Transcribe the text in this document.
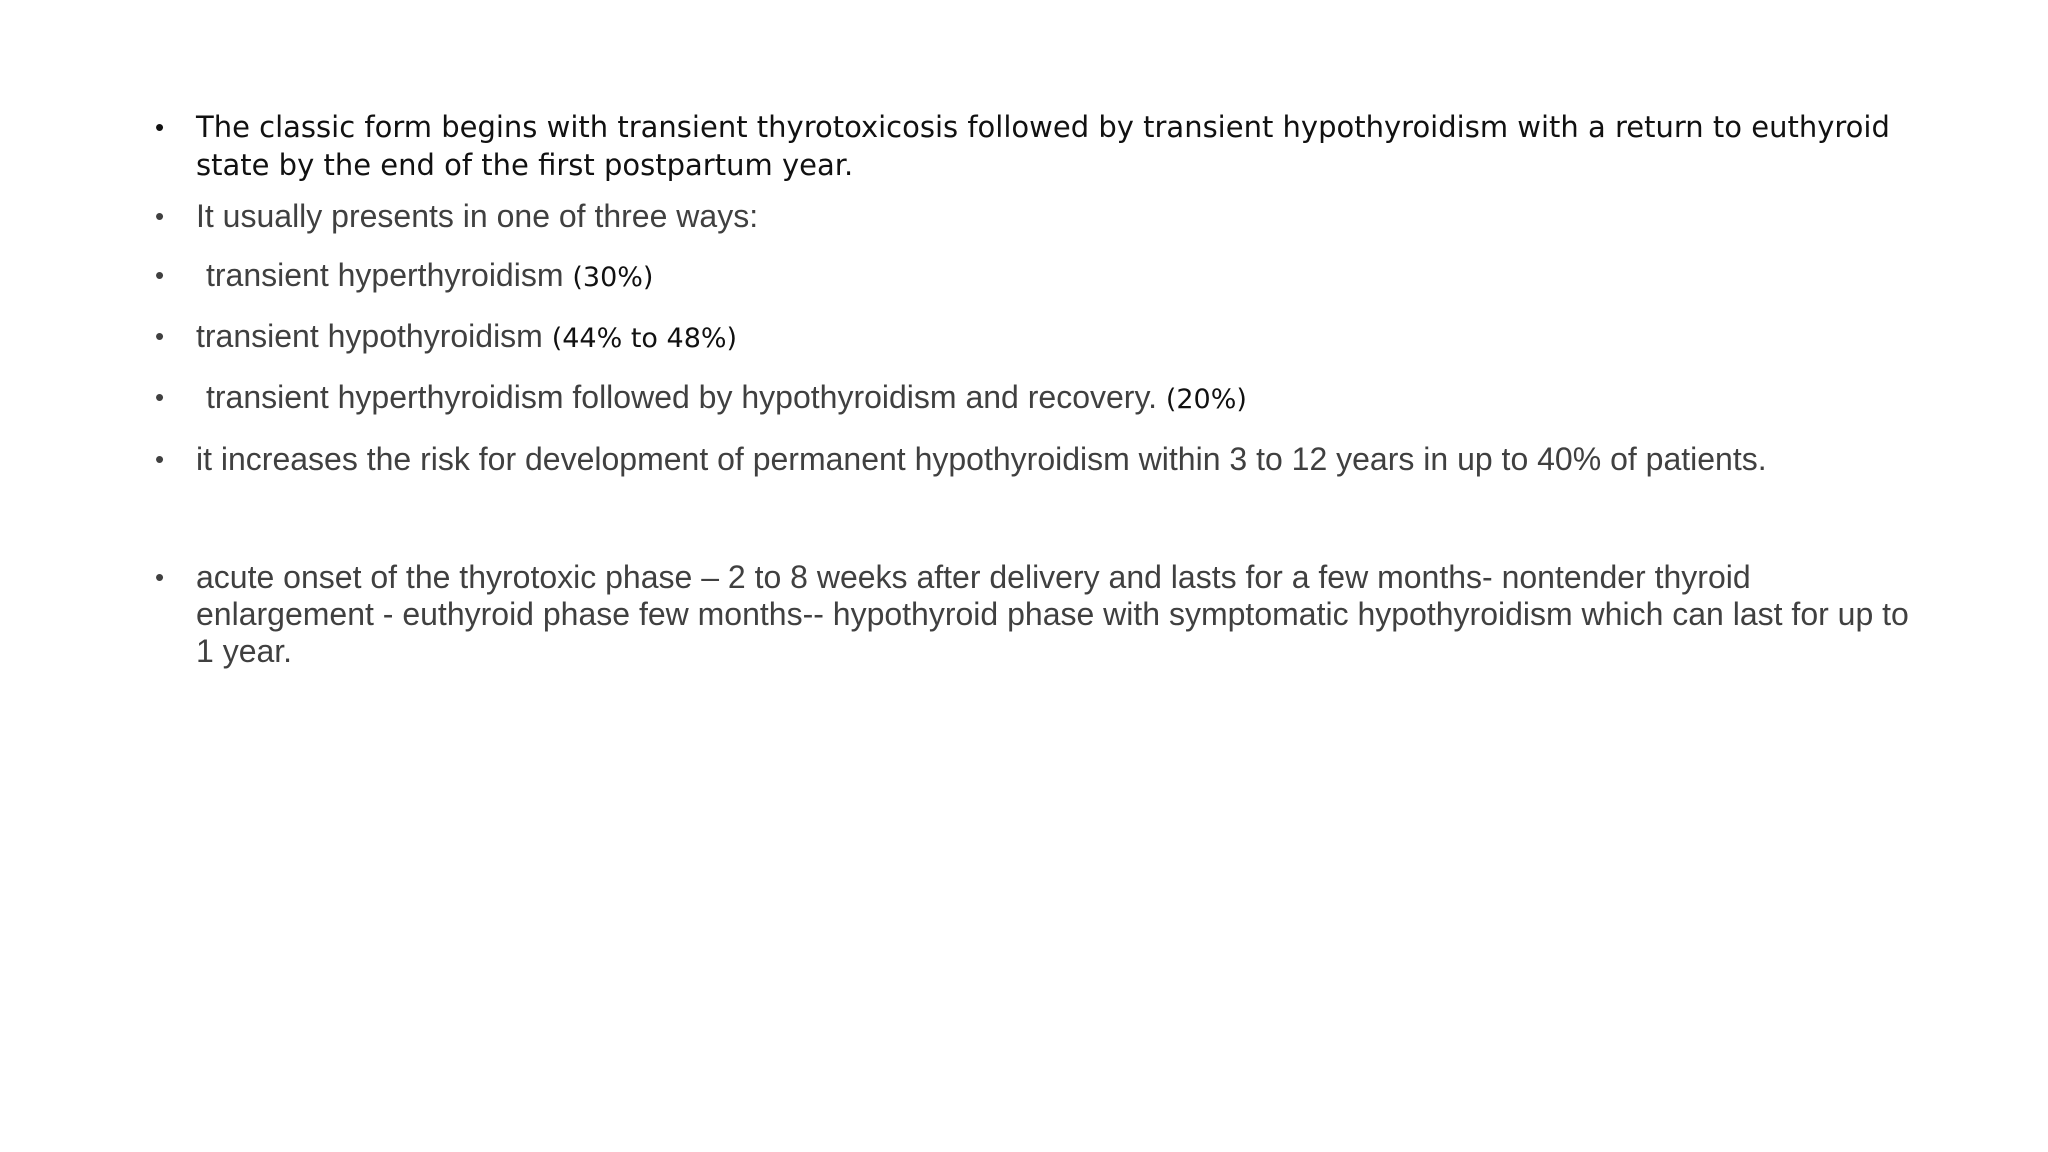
• The classic form begins with transient thyrotoxicosis followed by transient hypothyroidism with a return to euthyroid state by the end of the first postpartum year.
• It usually presents in one of three ways:
• transient hyperthyroidism (30%)
• transient hypothyroidism (44% to 48%)
• transient hyperthyroidism followed by hypothyroidism and recovery. (20%)
• it increases the risk for development of permanent hypothyroidism within 3 to 12 years in up to 40% of patients.
• acute onset of the thyrotoxic phase – 2 to 8 weeks after delivery and lasts for a few months- nontender thyroid enlargement - euthyroid phase few months-- hypothyroid phase with symptomatic hypothyroidism which can last for up to 1 year.
